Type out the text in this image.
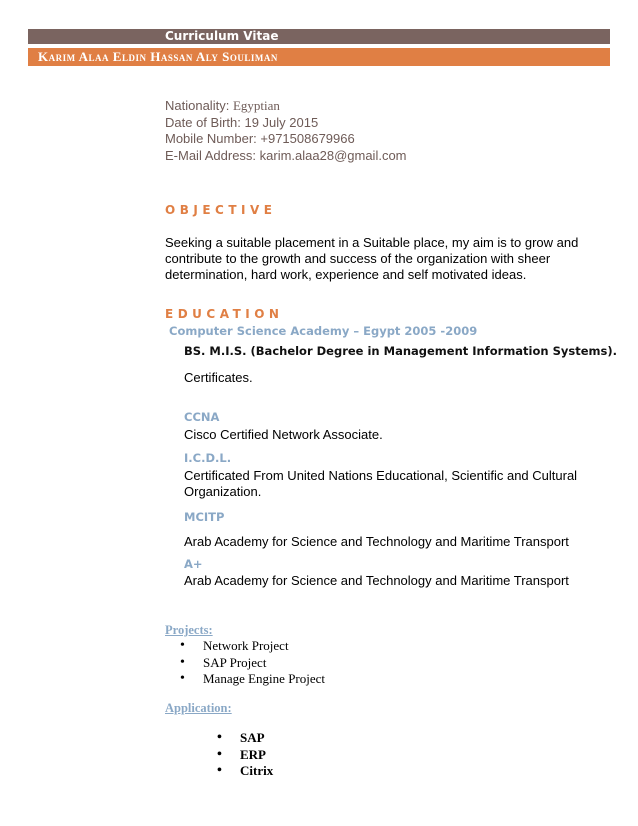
Curriculum Vitae
Karim Alaa Eldin Hassan Aly Souliman
Nationality: Egyptian
Date of Birth: 19 July 2015
Mobile Number: +971508679966
E-Mail Address: karim.alaa28@gmail.com
OBJECTIVE
Seeking a suitable placement in a Suitable place, my aim is to grow and
contribute to the growth and success of the organization with sheer
determination, hard work, experience and self motivated ideas.
EDUCATION
Computer Science Academy – Egypt 2005 -2009
BS. M.I.S. (Bachelor Degree in Management Information Systems).
Certificates.
CCNA
Cisco Certified Network Associate.
I.C.D.L.
Certificated From United Nations Educational, Scientific and Cultural
Organization.
MCITP
Arab Academy for Science and Technology and Maritime Transport
A+
Arab Academy for Science and Technology and Maritime Transport
Projects:
• Network Project
• SAP Project
• Manage Engine Project
Application:
• SAP
• ERP
• Citrix
